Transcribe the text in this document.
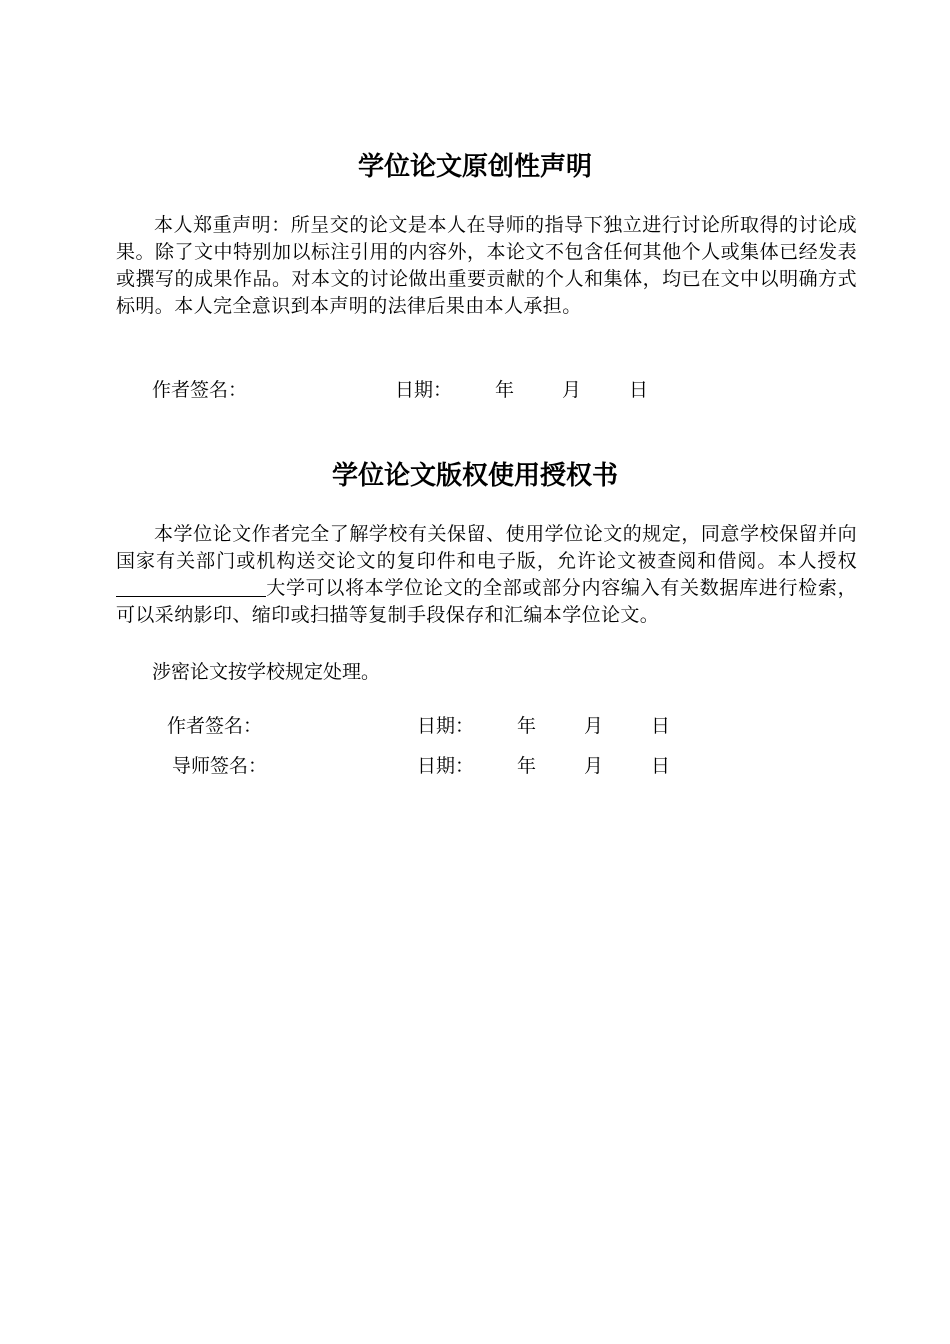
学位论文原创性声明

本人郑重声明：所呈交的论文是本人在导师的指导下独立进行讨论所取得的讨论成果。除了文中特别加以标注引用的内容外，本论文不包含任何其他个人或集体已经发表或撰写的成果作品。对本文的讨论做出重要贡献的个人和集体，均已在文中以明确方式标明。本人完全意识到本声明的法律后果由本人承担。

作者签名：	日期： 年	月	日
学位论文版权使用授权书

本学位论文作者完全了解学校有关保留、使用学位论文的规定，同意学校保留并向国家有关部门或机构送交论文的复印件和电子版，允许论文被查阅和借阅。本人授权大学可以将本学位论文的全部或部分内容编入有关数据库进行检索，可以采纳影印、缩印或扫描等复制手段保存和汇编本学位论文。

涉密论文按学校规定处理。

作者签名：	日期： 年	月	日
导师签名：	日期： 年	月	日
